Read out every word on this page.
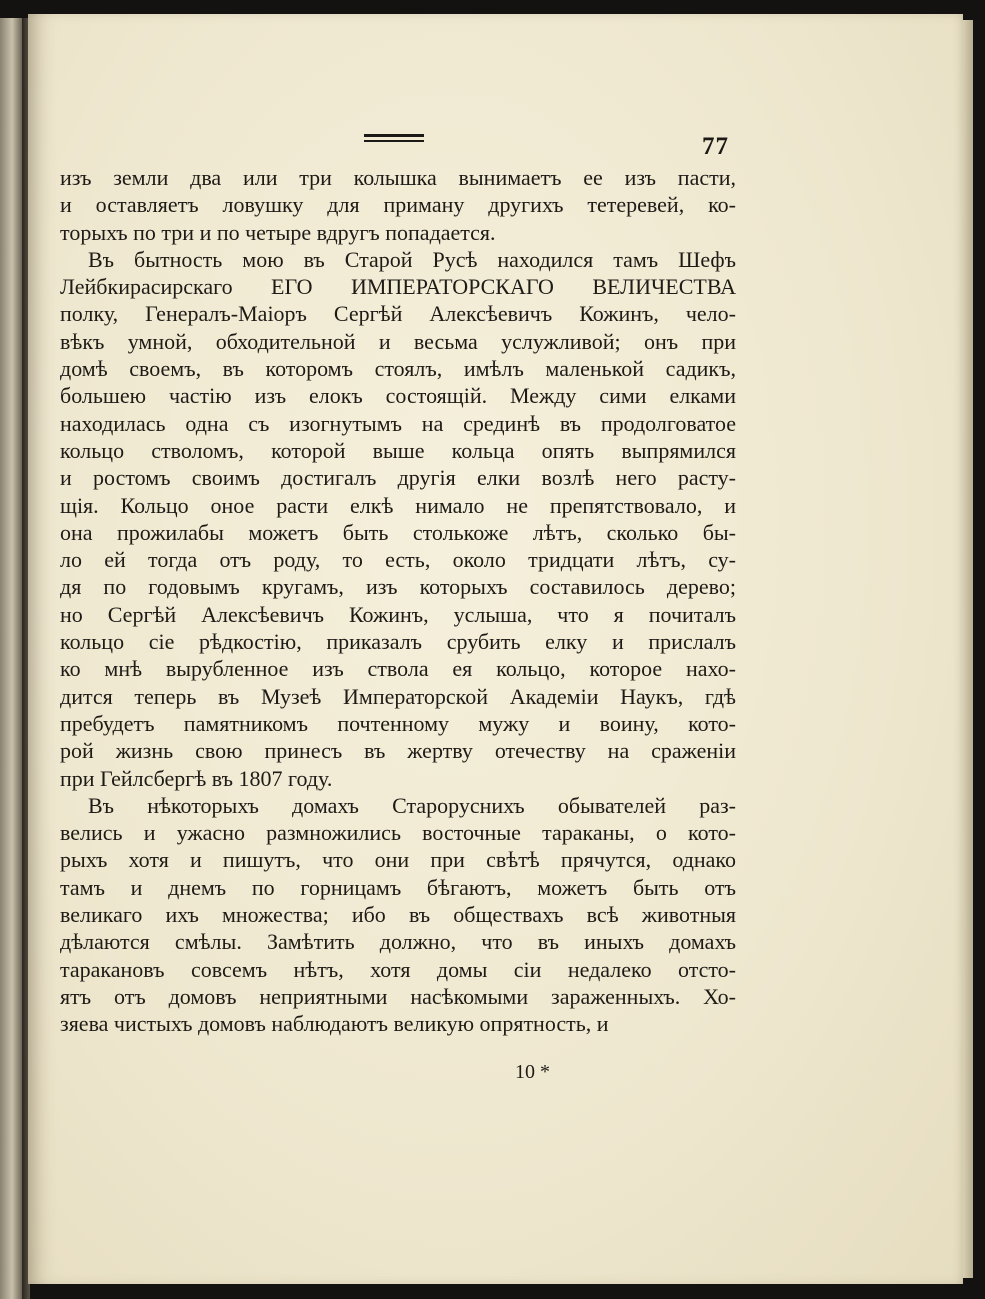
77
изъ земли два или три колышка вынимаетъ ее изъ пасти,
и оставляетъ ловушку для приману другихъ тетеревей, ко-
торыхъ по три и по четыре вдругъ попадается.
Въ бытность мою въ Старой Русѣ находился тамъ Шефъ
Лейбкирасирскаго ЕГО ИМПЕРАТОРСКАГО ВЕЛИЧЕСТВА
полку, Генералъ-Маіоръ Сергѣй Алексѣевичъ Кожинъ, чело-
вѣкъ умной, обходительной и весьма услужливой; онъ при
домѣ своемъ, въ которомъ стоялъ, имѣлъ маленькой садикъ,
большею частію изъ елокъ состоящій. Между сими елками
находилась одна съ изогнутымъ на срединѣ въ продолговатое
кольцо стволомъ, которой выше кольца опять выпрямился
и ростомъ своимъ достигалъ другія елки возлѣ него расту-
щія. Кольцо оное расти елкѣ нимало не препятствовало, и
она прожилабы можетъ быть столькоже лѣтъ, сколько бы-
ло ей тогда отъ роду, то есть, около тридцати лѣтъ, су-
дя по годовымъ кругамъ, изъ которыхъ составилось дерево;
но Сергѣй Алексѣевичъ Кожинъ, услыша, что я почиталъ
кольцо сіе рѣдкостію, приказалъ срубить елку и прислалъ
ко мнѣ вырубленное изъ ствола ея кольцо, которое нахо-
дится теперь въ Музеѣ Императорской Академіи Наукъ, гдѣ
пребудетъ памятникомъ почтенному мужу и воину, кото-
рой жизнь свою принесъ въ жертву отечеству на сраженіи
при Гейлсбергѣ въ 1807 году.
Въ нѣкоторыхъ домахъ Староруснихъ обывателей раз-
велись и ужасно размножились восточные тараканы, о кото-
рыхъ хотя и пишутъ, что они при свѣтѣ прячутся, однако
тамъ и днемъ по горницамъ бѣгаютъ, можетъ быть отъ
великаго ихъ множества; ибо въ обществахъ всѣ животныя
дѣлаются смѣлы. Замѣтить должно, что въ иныхъ домахъ
тараканoвъ совсемъ нѣтъ, хотя домы сіи недалеко отсто-
ятъ отъ домовъ неприятными насѣкомыми зараженныхъ. Хо-
зяева чистыхъ домовъ наблюдаютъ великую опрятность, и
10 *
